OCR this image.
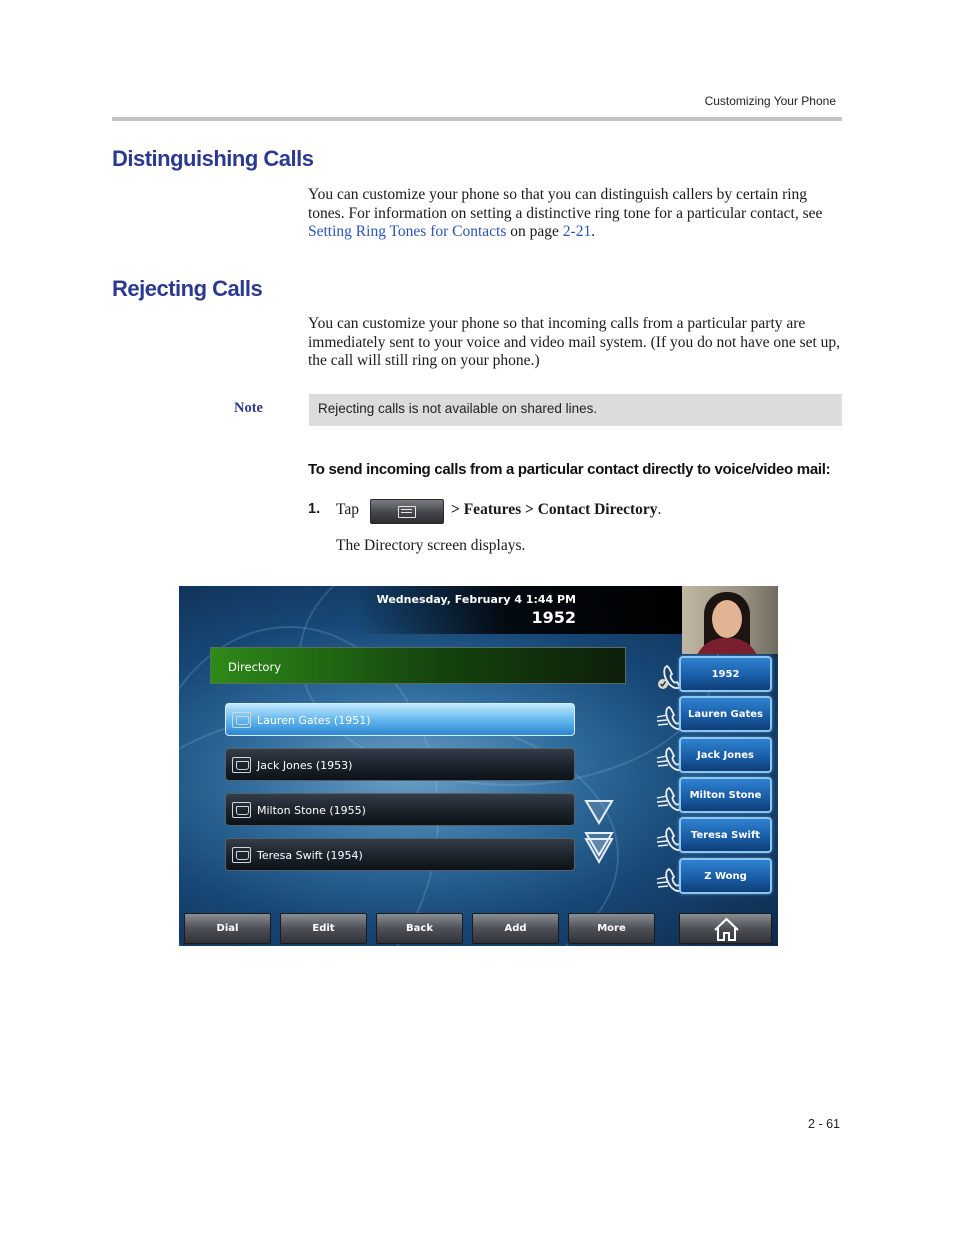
Customizing Your Phone
Distinguishing Calls

You can customize your phone so that you can distinguish callers by certain ring tones. For information on setting a distinctive ring tone for a particular contact, see Setting Ring Tones for Contacts on page 2-21.

Rejecting Calls

You can customize your phone so that incoming calls from a particular party are immediately sent to your voice and video mail system. (If you do not have one set up, the call will still ring on your phone.)

Note	Rejecting calls is not available on shared lines.
To send incoming calls from a particular contact directly to voice/video mail:
1. Tap	> Features > Contact Directory.
The Directory screen displays.
Wednesday, February 4 1:44 PM
1952
Directory
Lauren Gates (1951)
Jack Jones (1953)
Milton Stone (1955)
Teresa Swift (1954)
1952
Lauren Gates
Jack Jones
Milton Stone
Teresa Swift
Z Wong
Dial	Edit	Back	Add	More
2 - 61
